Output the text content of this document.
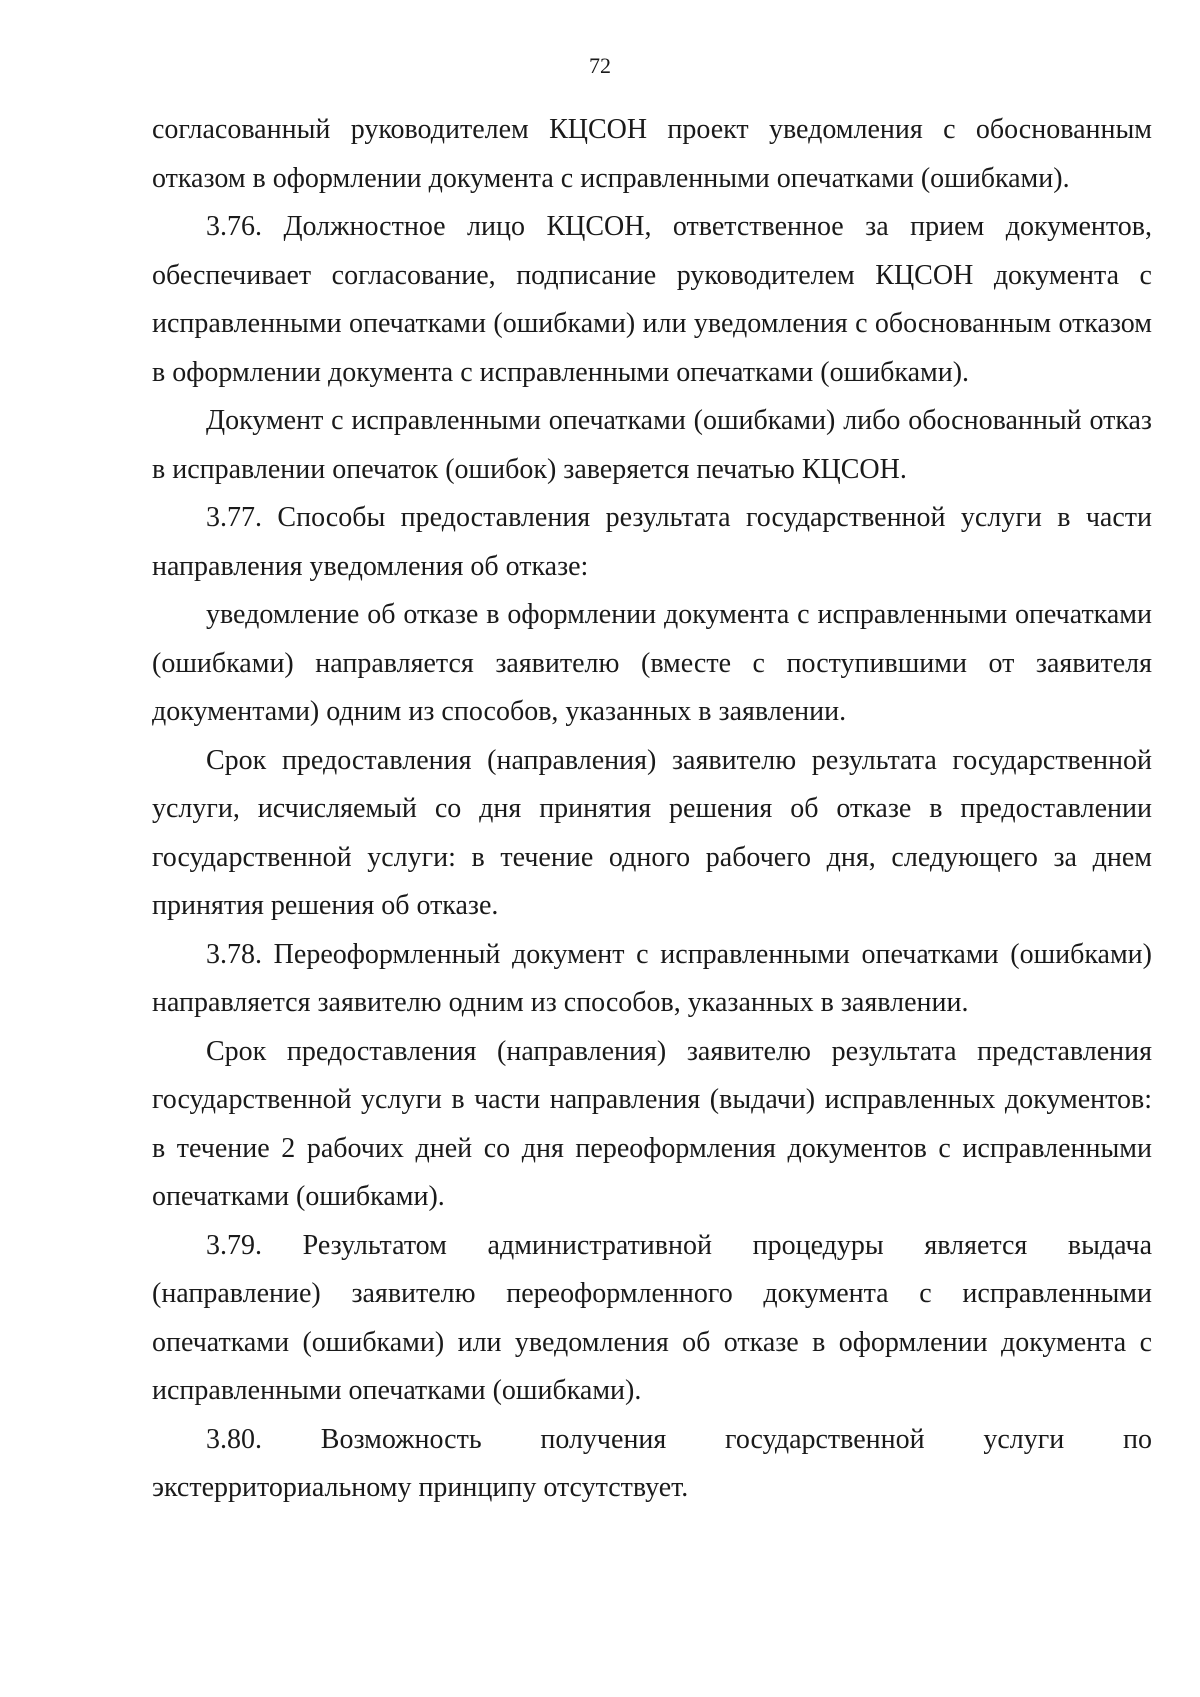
72

согласованный руководителем КЦСОН проект уведомления с обоснованным отказом в оформлении документа с исправленными опечатками (ошибками).

3.76. Должностное лицо КЦСОН, ответственное за прием документов, обеспечивает согласование, подписание руководителем КЦСОН документа с исправленными опечатками (ошибками) или уведомления с обоснованным отказом в оформлении документа с исправленными опечатками (ошибками).

Документ с исправленными опечатками (ошибками) либо обоснованный отказ в исправлении опечаток (ошибок) заверяется печатью КЦСОН.

3.77. Способы предоставления результата государственной услуги в части направления уведомления об отказе:

уведомление об отказе в оформлении документа с исправленными опечатками (ошибками) направляется заявителю (вместе с поступившими от заявителя документами) одним из способов, указанных в заявлении.

Срок предоставления (направления) заявителю результата государственной услуги, исчисляемый со дня принятия решения об отказе в предоставлении государственной услуги: в течение одного рабочего дня, следующего за днем принятия решения об отказе.

3.78. Переоформленный документ с исправленными опечатками (ошибками) направляется заявителю одним из способов, указанных в заявлении.

Срок предоставления (направления) заявителю результата представления государственной услуги в части направления (выдачи) исправленных документов: в течение 2 рабочих дней со дня переоформления документов с исправленными опечатками (ошибками).

3.79. Результатом административной процедуры является выдача (направление) заявителю переоформленного документа с исправленными опечатками (ошибками) или уведомления об отказе в оформлении документа с исправленными опечатками (ошибками).

3.80. Возможность получения государственной услуги по экстерриториальному принципу отсутствует.
